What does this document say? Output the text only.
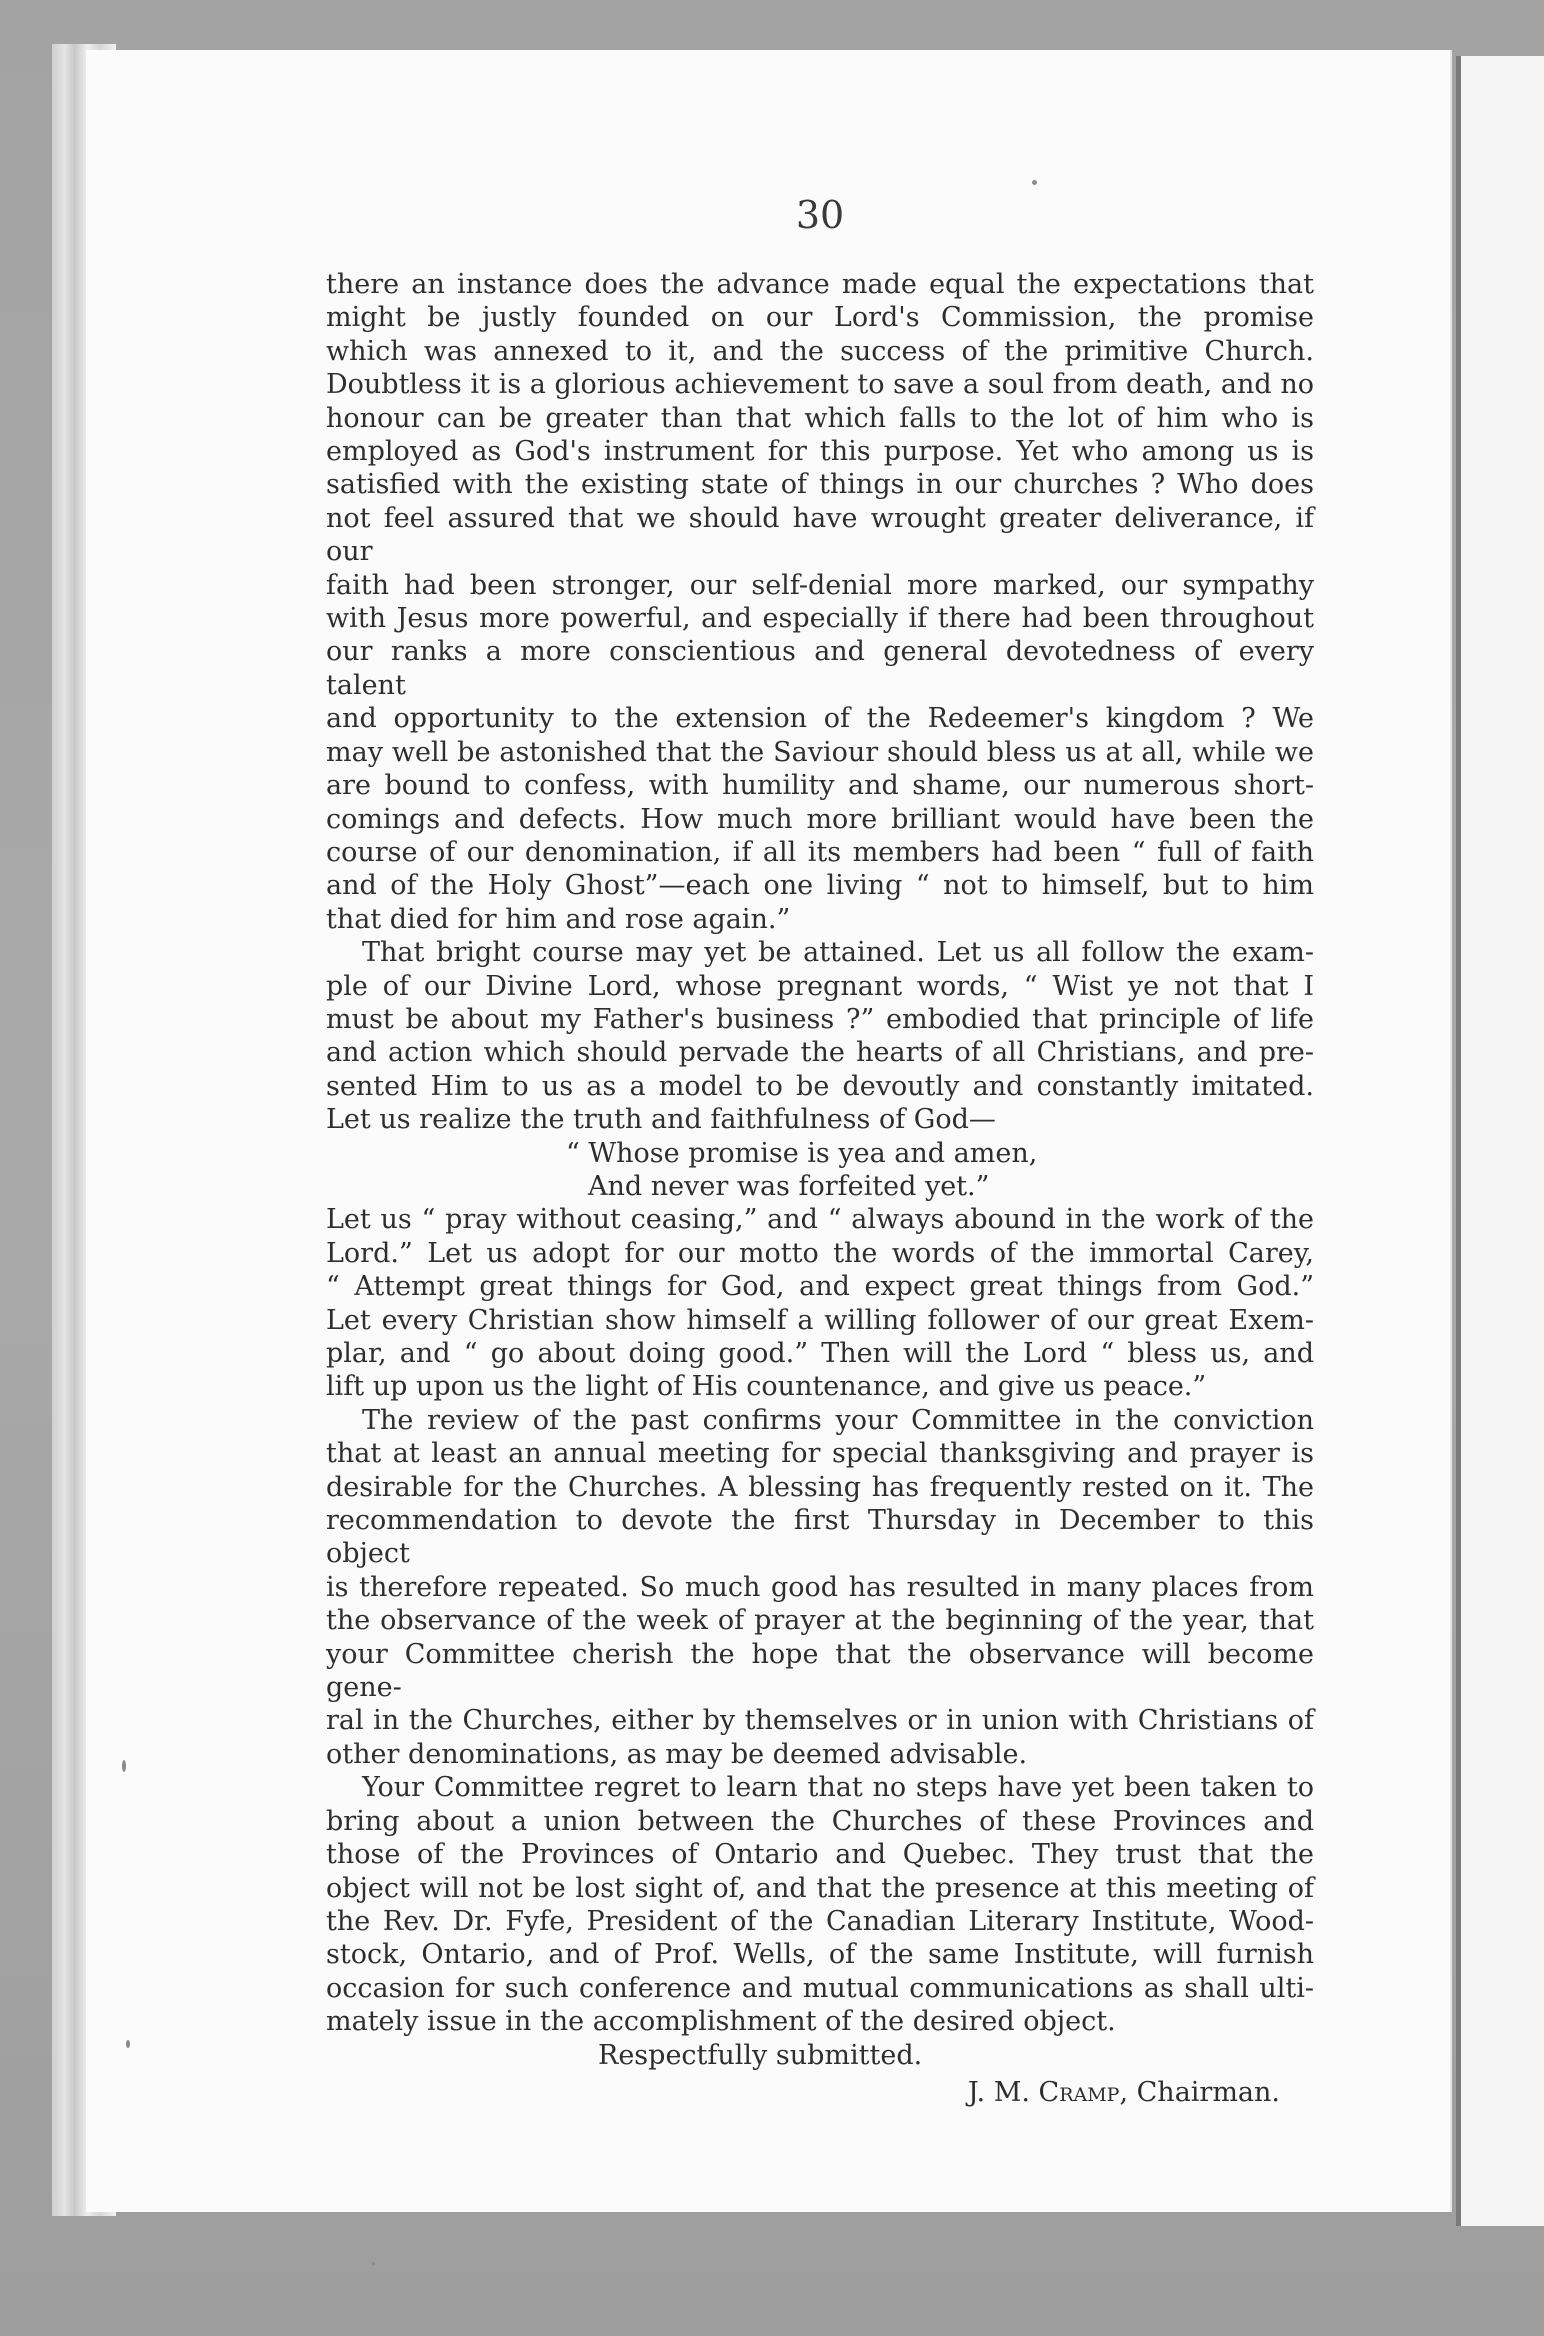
30
there an instance does the advance made equal the expectations that
might be justly founded on our Lord's Commission, the promise
which was annexed to it, and the success of the primitive Church.
Doubtless it is a glorious achievement to save a soul from death, and no
honour can be greater than that which falls to the lot of him who is
employed as God's instrument for this purpose. Yet who among us is
satisfied with the existing state of things in our churches ? Who does
not feel assured that we should have wrought greater deliverance, if our
faith had been stronger, our self-denial more marked, our sympathy
with Jesus more powerful, and especially if there had been throughout
our ranks a more conscientious and general devotedness of every talent
and opportunity to the extension of the Redeemer's kingdom ? We
may well be astonished that the Saviour should bless us at all, while we
are bound to confess, with humility and shame, our numerous short-
comings and defects. How much more brilliant would have been the
course of our denomination, if all its members had been “ full of faith
and of the Holy Ghost”—each one living “ not to himself, but to him
that died for him and rose again.”
That bright course may yet be attained. Let us all follow the exam-
ple of our Divine Lord, whose pregnant words, “ Wist ye not that I
must be about my Father's business ?” embodied that principle of life
and action which should pervade the hearts of all Christians, and pre-
sented Him to us as a model to be devoutly and constantly imitated.
Let us realize the truth and faithfulness of God—
“ Whose promise is yea and amen,
And never was forfeited yet.”
Let us “ pray without ceasing,” and “ always abound in the work of the
Lord.” Let us adopt for our motto the words of the immortal Carey,
“ Attempt great things for God, and expect great things from God.”
Let every Christian show himself a willing follower of our great Exem-
plar, and “ go about doing good.” Then will the Lord “ bless us, and
lift up upon us the light of His countenance, and give us peace.”
The review of the past confirms your Committee in the conviction
that at least an annual meeting for special thanksgiving and prayer is
desirable for the Churches. A blessing has frequently rested on it. The
recommendation to devote the first Thursday in December to this object
is therefore repeated. So much good has resulted in many places from
the observance of the week of prayer at the beginning of the year, that
your Committee cherish the hope that the observance will become gene-
ral in the Churches, either by themselves or in union with Christians of
other denominations, as may be deemed advisable.
Your Committee regret to learn that no steps have yet been taken to
bring about a union between the Churches of these Provinces and
those of the Provinces of Ontario and Quebec. They trust that the
object will not be lost sight of, and that the presence at this meeting of
the Rev. Dr. Fyfe, President of the Canadian Literary Institute, Wood-
stock, Ontario, and of Prof. Wells, of the same Institute, will furnish
occasion for such conference and mutual communications as shall ulti-
mately issue in the accomplishment of the desired object.
Respectfully submitted.
J. M. Cramp, Chairman.
